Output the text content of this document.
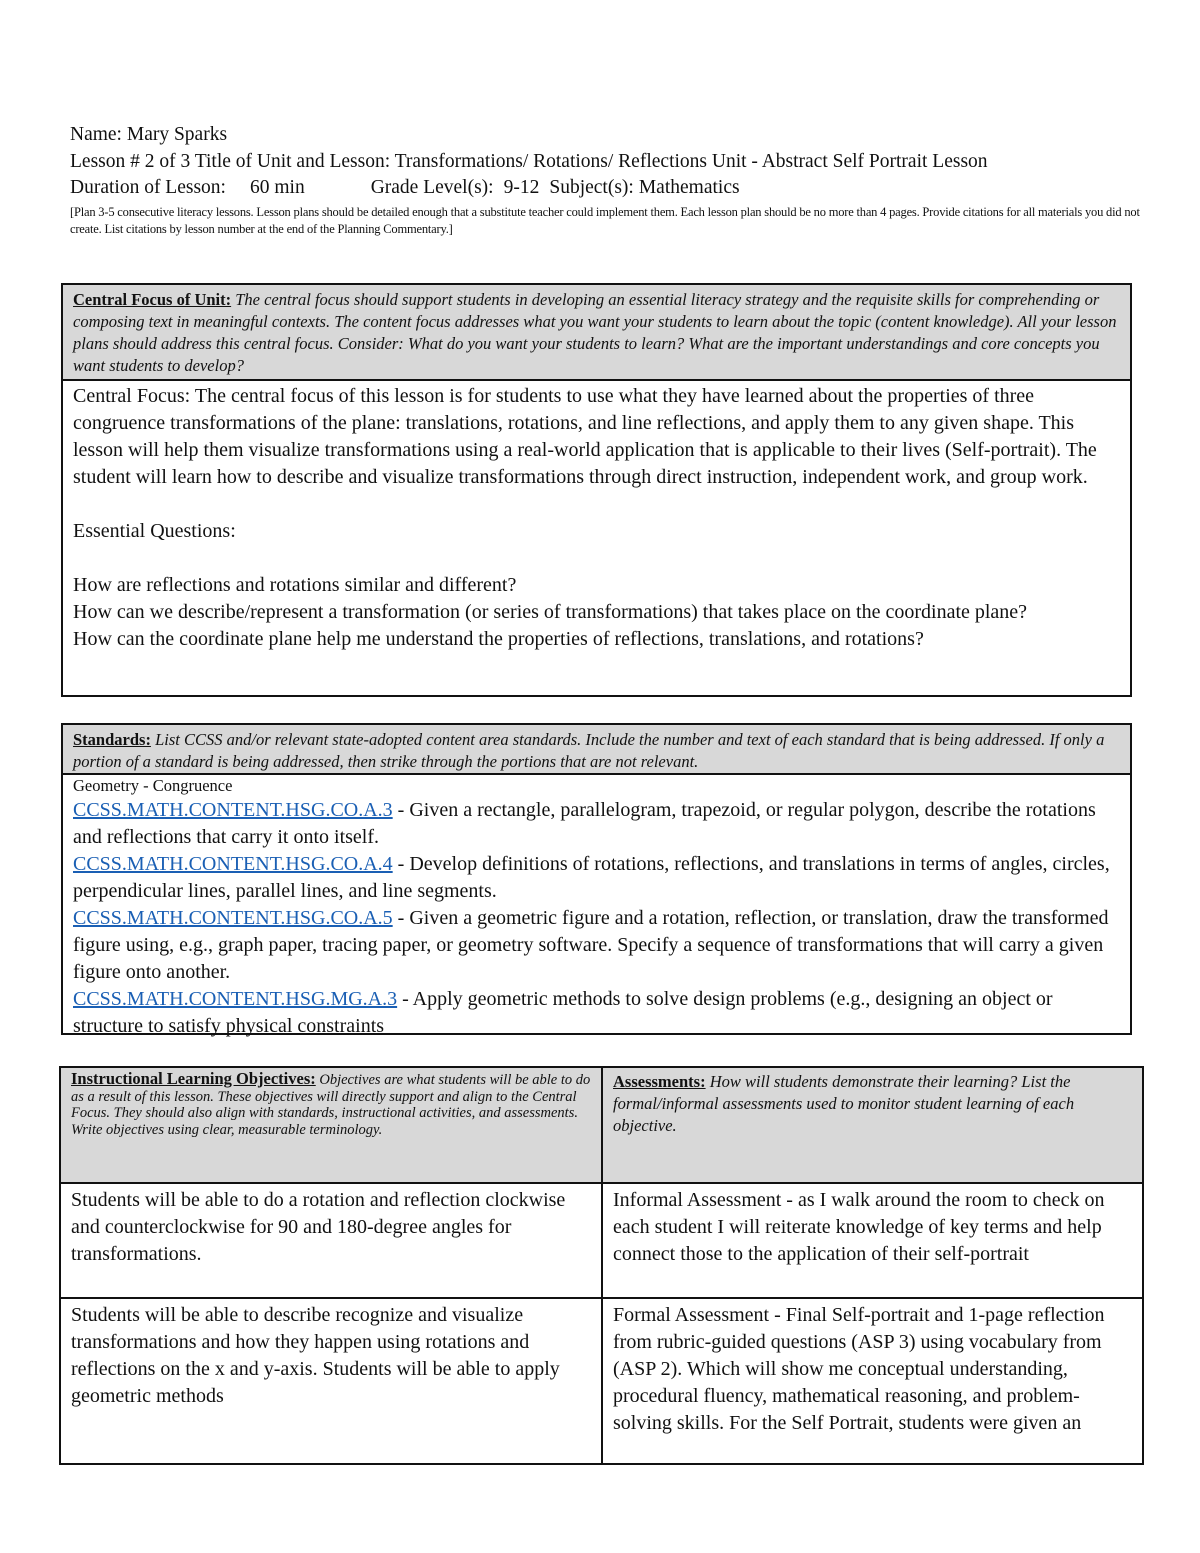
Name: Mary Sparks
Lesson # 2 of 3 Title of Unit and Lesson: Transformations/ Rotations/ Reflections Unit - Abstract Self Portrait Lesson
Duration of Lesson: 60 min	Grade Level(s): 9-12 Subject(s): Mathematics
[Plan 3-5 consecutive literacy lessons. Lesson plans should be detailed enough that a substitute teacher could implement them. Each lesson plan should be no more than 4 pages. Provide citations for all materials you did not create. List citations by lesson number at the end of the Planning Commentary.]
Central Focus of Unit: The central focus should support students in developing an essential literacy strategy and the requisite skills for comprehending or composing text in meaningful contexts. The content focus addresses what you want your students to learn about the topic (content knowledge). All your lesson plans should address this central focus. Consider: What do you want your students to learn? What are the important understandings and core concepts you want students to develop?

Central Focus: The central focus of this lesson is for students to use what they have learned about the properties of three congruence transformations of the plane: translations, rotations, and line reflections, and apply them to any given shape. This lesson will help them visualize transformations using a real-world application that is applicable to their lives (Self-portrait). The student will learn how to describe and visualize transformations through direct instruction, independent work, and group work.

Essential Questions:

How are reflections and rotations similar and different?

How can we describe/represent a transformation (or series of transformations) that takes place on the coordinate plane?

How can the coordinate plane help me understand the properties of reflections, translations, and rotations?

Standards: List CCSS and/or relevant state-adopted content area standards. Include the number and text of each standard that is being addressed. If only a portion of a standard is being addressed, then strike through the portions that are not relevant.

Geometry - Congruence

CCSS.MATH.CONTENT.HSG.CO.A.3 - Given a rectangle, parallelogram, trapezoid, or regular polygon, describe the rotations and reflections that carry it onto itself.

CCSS.MATH.CONTENT.HSG.CO.A.4 - Develop definitions of rotations, reflections, and translations in terms of angles, circles, perpendicular lines, parallel lines, and line segments.

CCSS.MATH.CONTENT.HSG.CO.A.5 - Given a geometric figure and a rotation, reflection, or translation, draw the transformed figure using, e.g., graph paper, tracing paper, or geometry software. Specify a sequence of transformations that will carry a given figure onto another.

CCSS.MATH.CONTENT.HSG.MG.A.3 - Apply geometric methods to solve design problems (e.g., designing an object or structure to satisfy physical constraints

Instructional Learning Objectives: Objectives are what students will be able to do as a result of this lesson. These objectives will directly support and align to the Central Focus. They should also align with standards, instructional activities, and assessments. Write objectives using clear, measurable terminology.	Assessments: How will students demonstrate their learning? List the formal/informal assessments used to monitor student learning of each objective.

Students will be able to do a rotation and reflection clockwise and counterclockwise for 90 and 180-degree angles for transformations.	Informal Assessment - as I walk around the room to check on each student I will reiterate knowledge of key terms and help connect those to the application of their self-portrait
Students will be able to describe recognize and visualize transformations and how they happen using rotations and reflections on the x and y-axis. Students will be able to apply geometric methods	Formal Assessment - Final Self-portrait and 1-page reflection from rubric-guided questions (ASP 3) using vocabulary from (ASP 2). Which will show me conceptual understanding, procedural fluency, mathematical reasoning, and problem-solving skills. For the Self Portrait, students were given an
